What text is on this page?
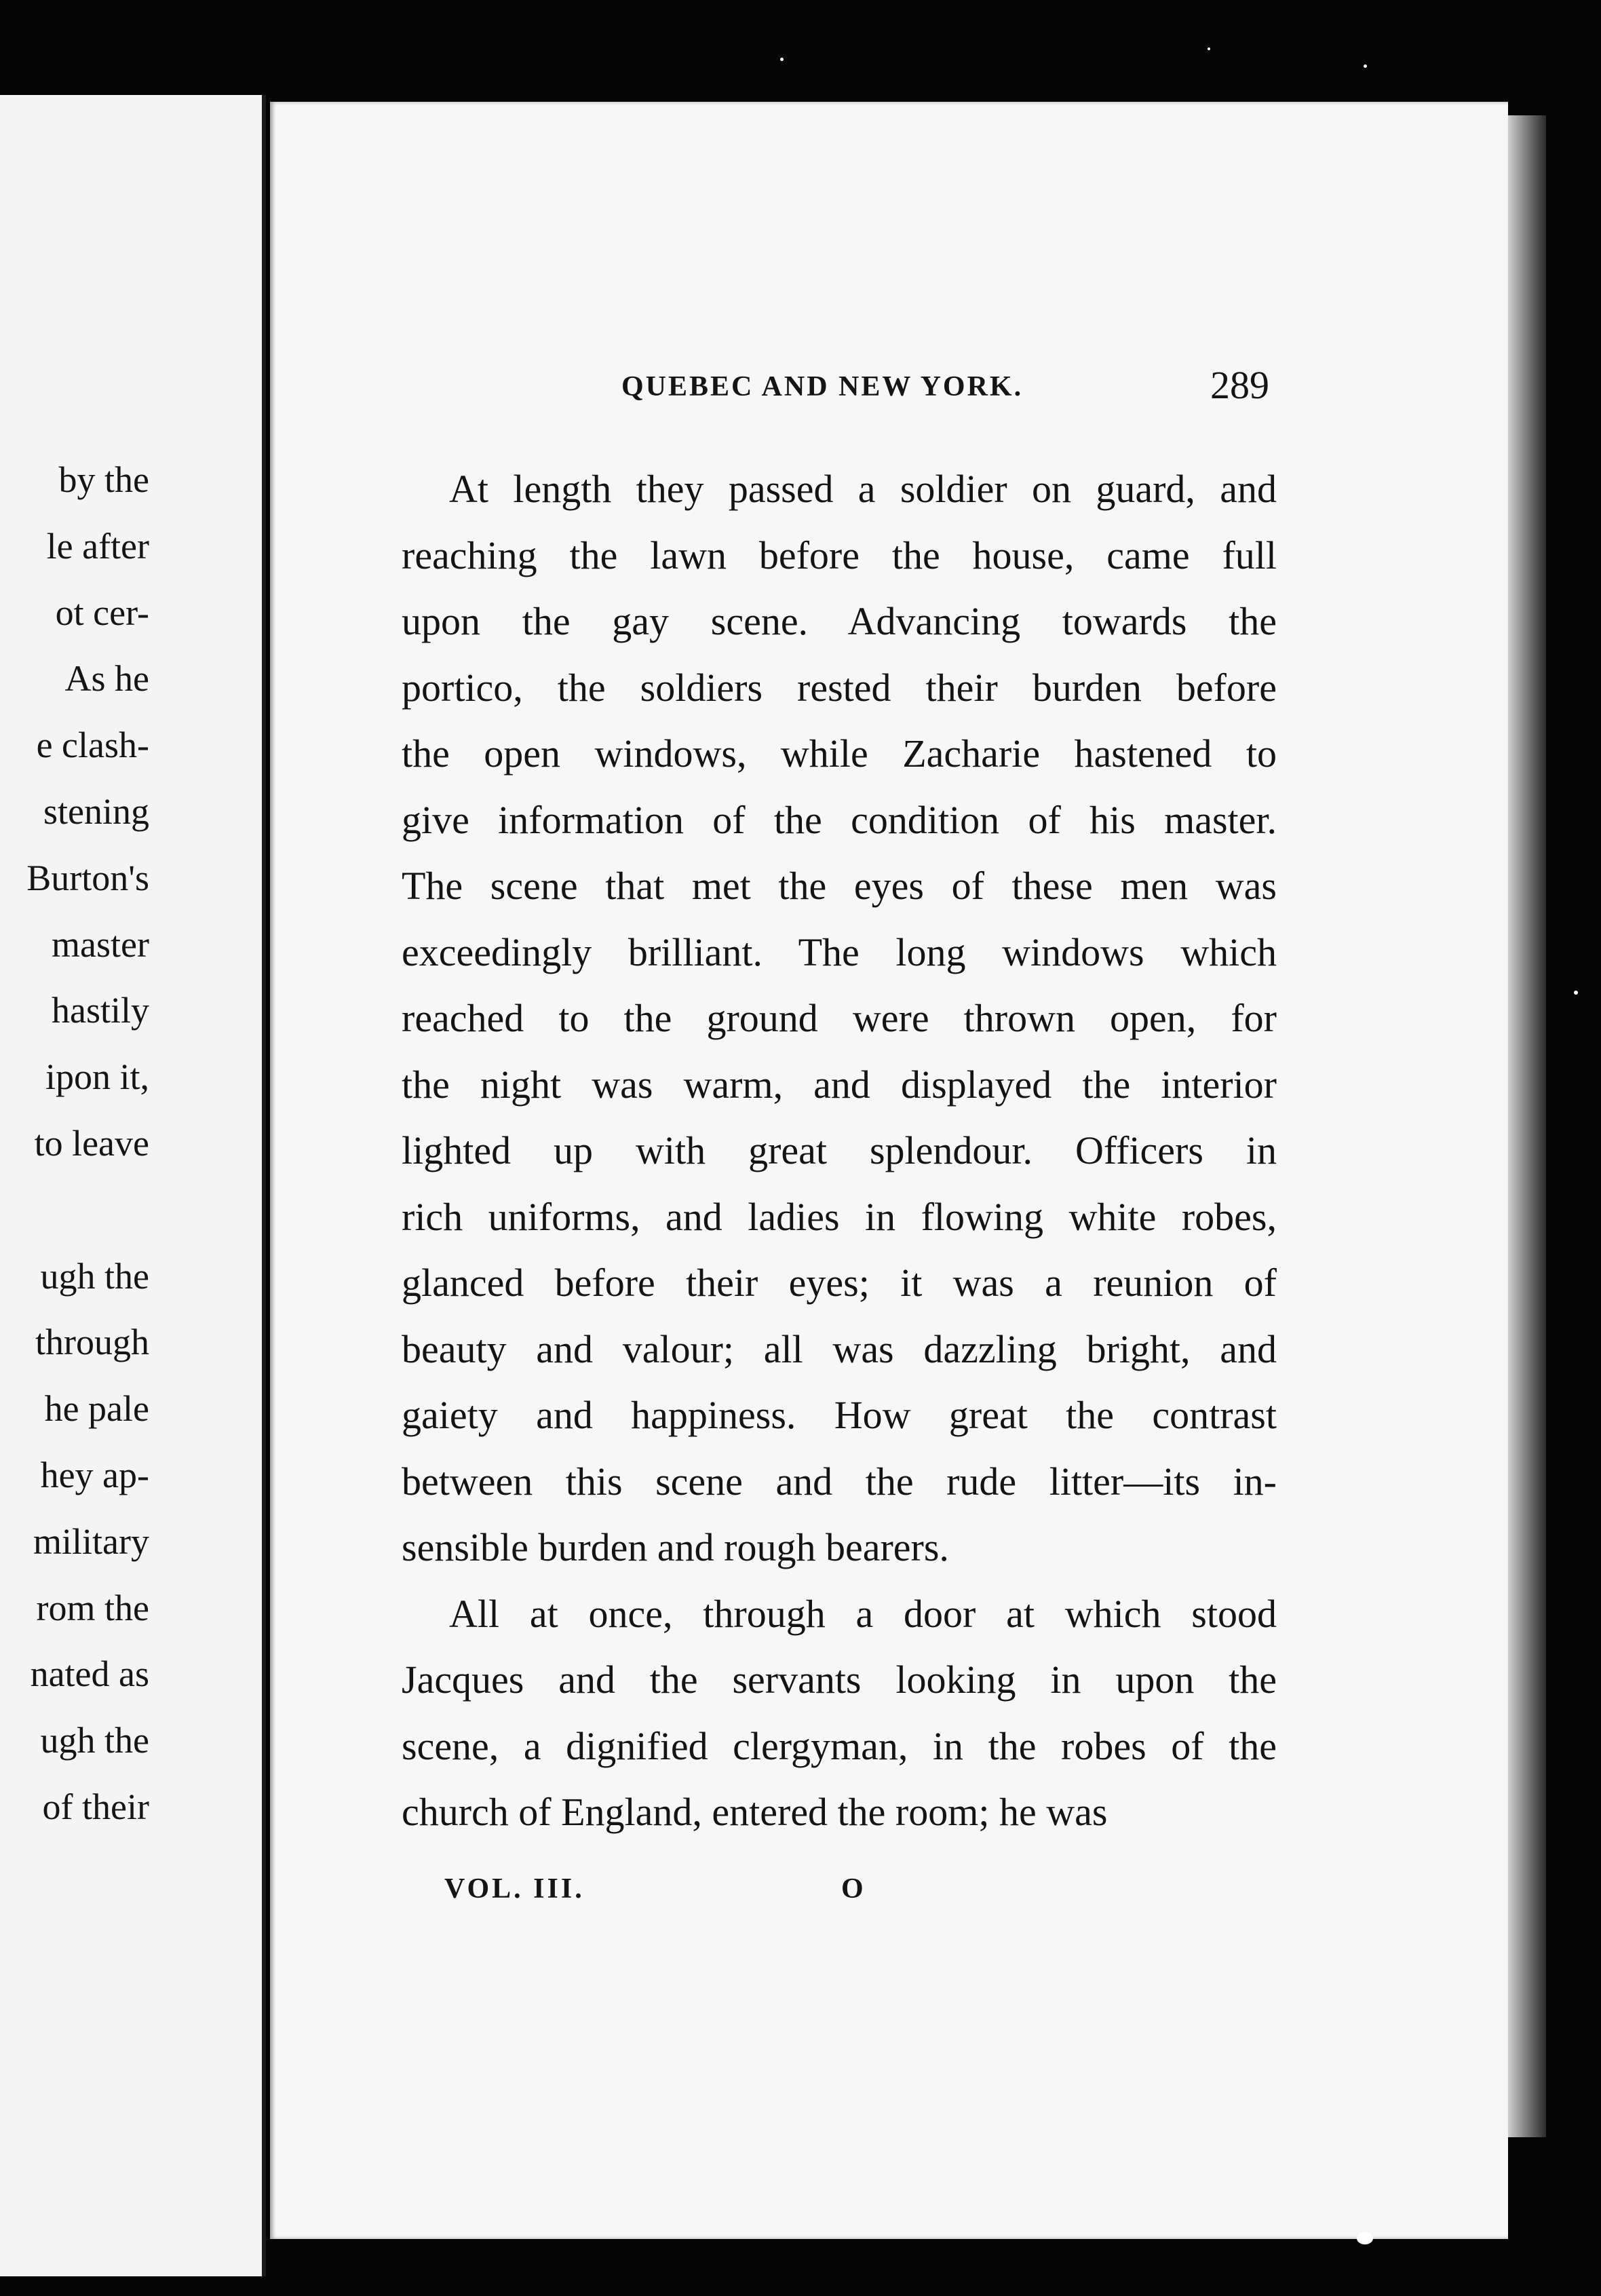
by the
le after
ot cer-
As he
e clash-
stening
Burton's
master
hastily
ipon it,
to leave
ugh the
through
he pale
hey ap-
military
rom the
nated as
ugh the
of their
QUEBEC AND NEW YORK.	289
At length they passed a soldier on guard, and
reaching the lawn before the house, came full
upon the gay scene. Advancing towards the
portico, the soldiers rested their burden before
the open windows, while Zacharie hastened to
give information of the condition of his master.
The scene that met the eyes of these men was
exceedingly brilliant. The long windows which
reached to the ground were thrown open, for
the night was warm, and displayed the interior
lighted up with great splendour. Officers in
rich uniforms, and ladies in flowing white robes,
glanced before their eyes; it was a reunion of
beauty and valour; all was dazzling bright, and
gaiety and happiness. How great the contrast
between this scene and the rude litter—its in-
sensible burden and rough bearers.
All at once, through a door at which stood
Jacques and the servants looking in upon the
scene, a dignified clergyman, in the robes of the
church of England, entered the room; he was
VOL. III.	O
